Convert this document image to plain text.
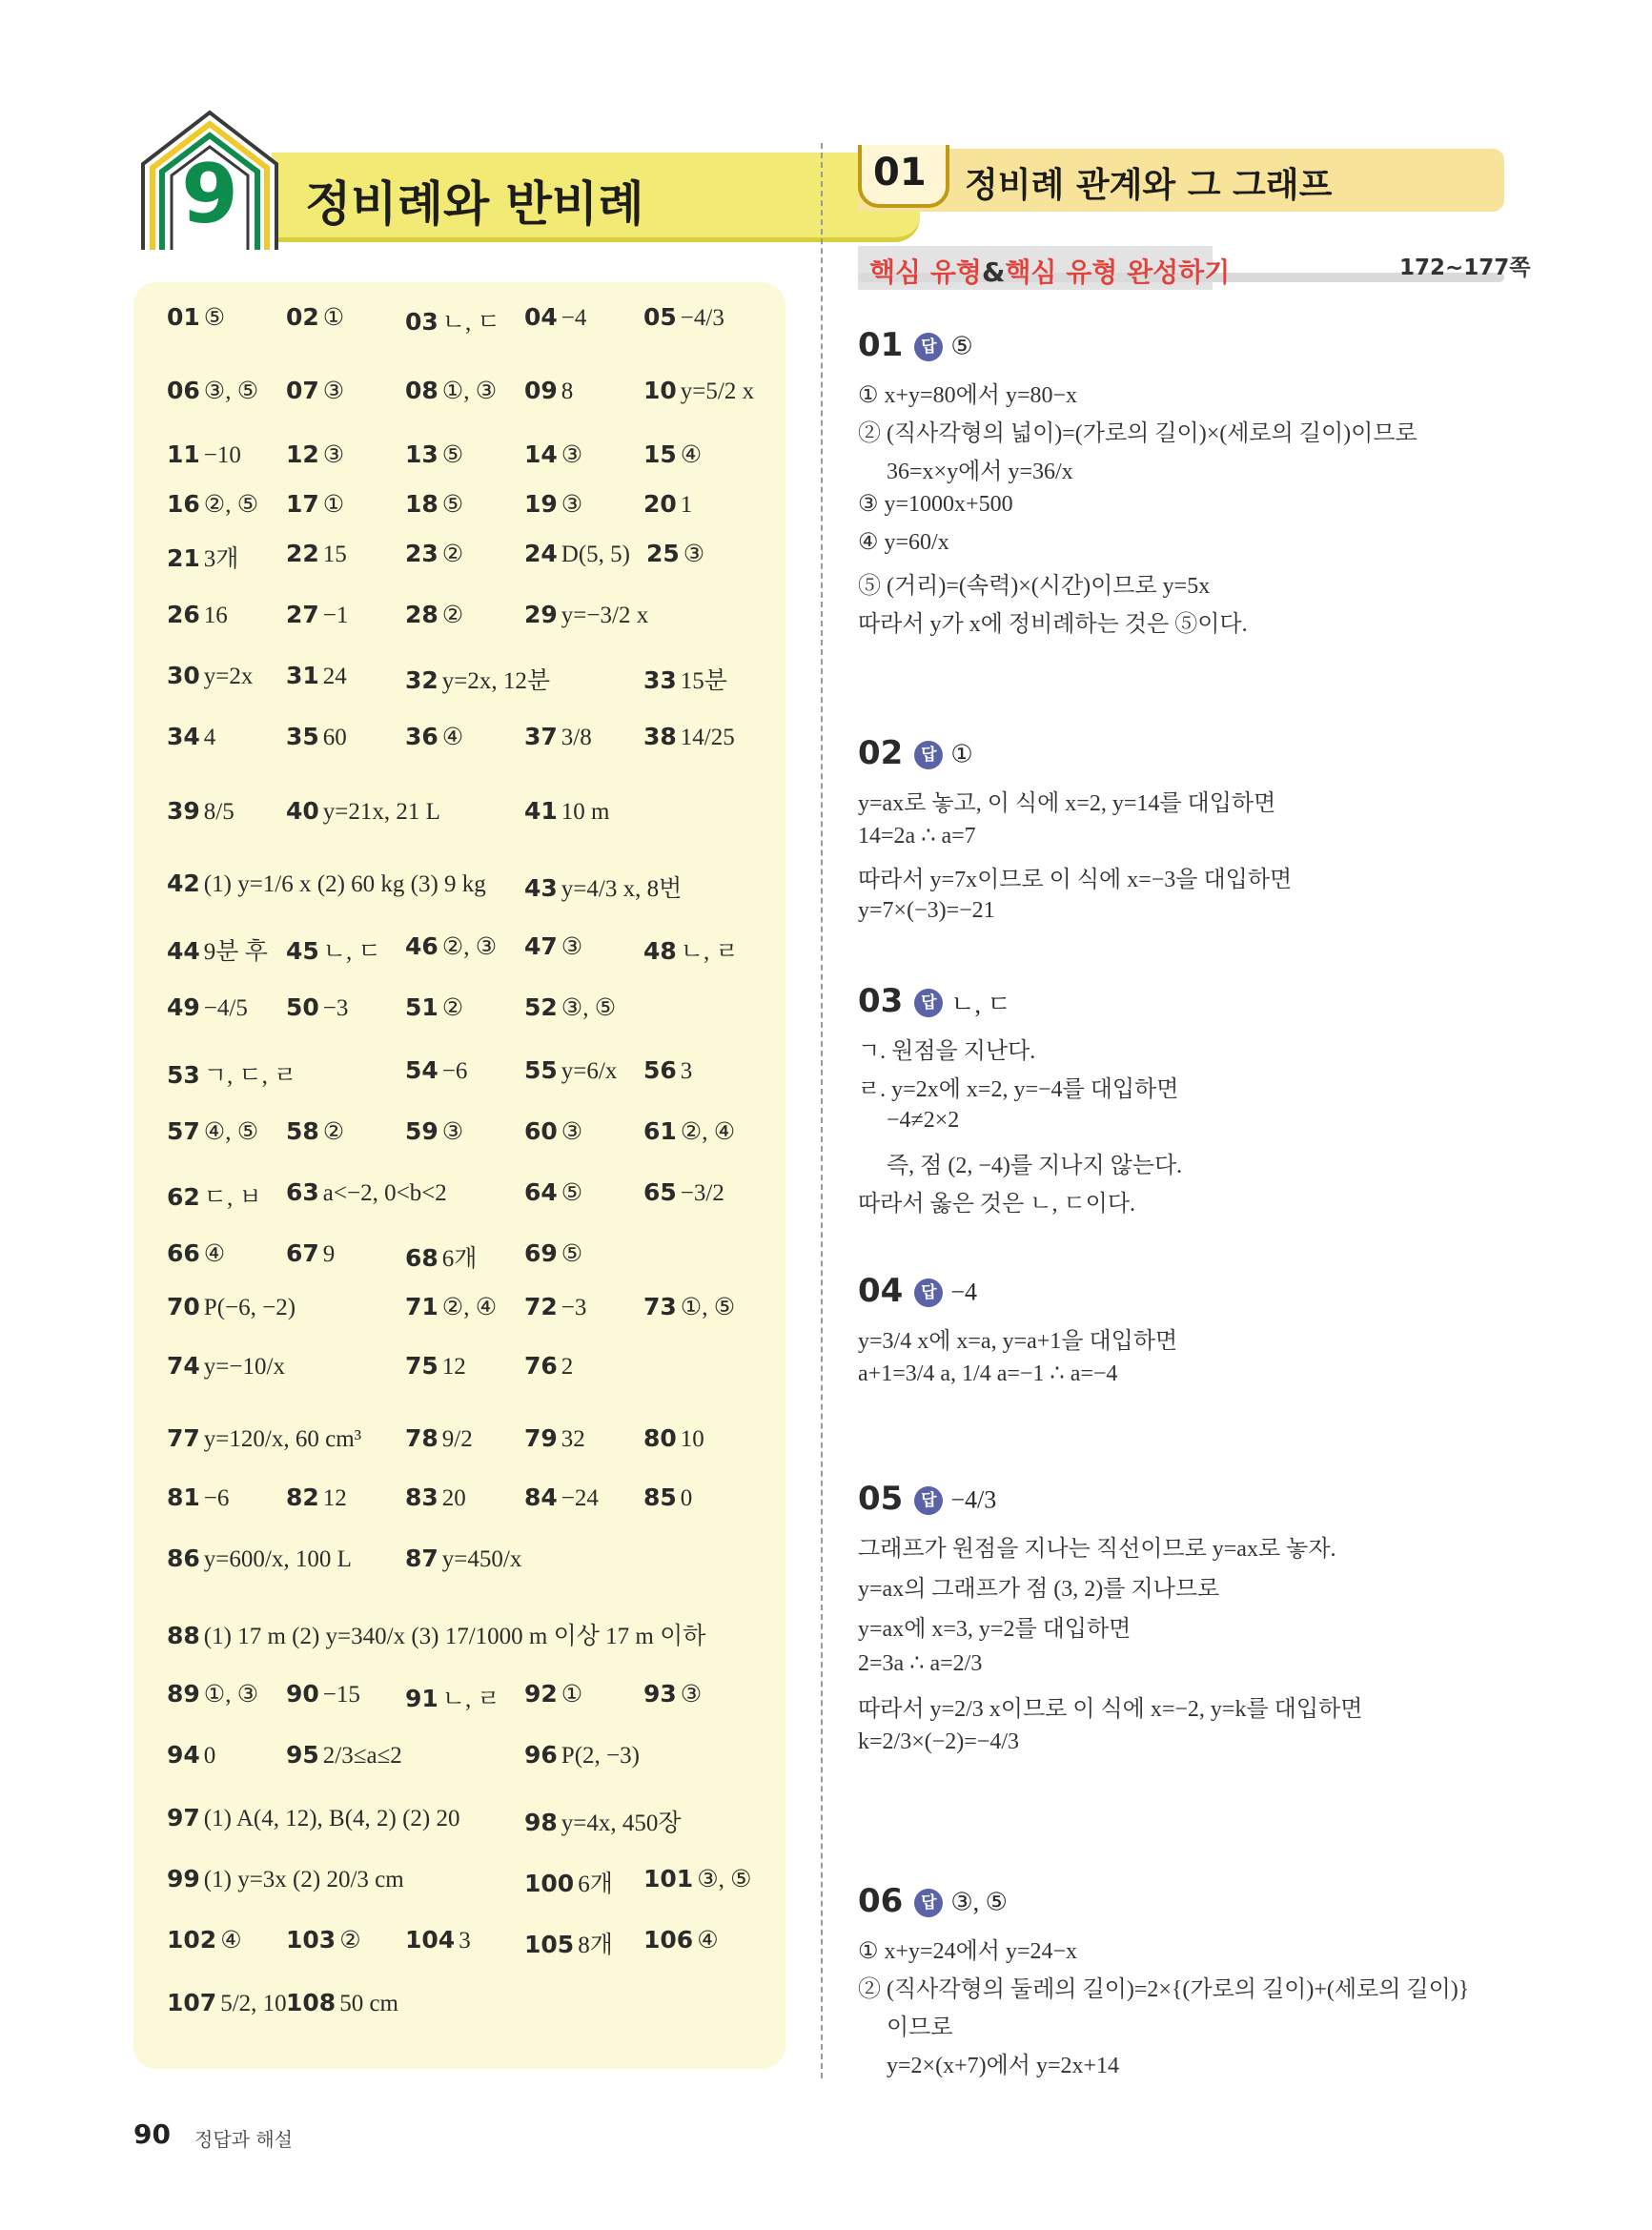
9	정비례와 반비례
01 정비례 관계와 그 그래프
핵심 유형&핵심 유형 완성하기	172~177쪽
01 답 ⑤
① x+y=80에서 y=80−x
② (직사각형의 넓이)=(가로의 길이)×(세로의 길이)이므로
36=x×y에서 y=36/x
③ y=1000x+500
④ y=60/x
⑤ (거리)=(속력)×(시간)이므로 y=5x
따라서 y가 x에 정비례하는 것은 ⑤이다.
02 답 ①
y=ax로 놓고, 이 식에 x=2, y=14를 대입하면
14=2a ∴ a=7
따라서 y=7x이므로 이 식에 x=−3을 대입하면
y=7×(−3)=−21
03 답 ㄴ, ㄷ
ㄱ. 원점을 지난다.
ㄹ. y=2x에 x=2, y=−4를 대입하면
−4≠2×2
즉, 점 (2, −4)를 지나지 않는다.
따라서 옳은 것은 ㄴ, ㄷ이다.
04 답 −4
y=3/4 x에 x=a, y=a+1을 대입하면
a+1=3/4 a, 1/4 a=−1 ∴ a=−4
05 답 −4/3
그래프가 원점을 지나는 직선이므로 y=ax로 놓자.
y=ax의 그래프가 점 (3, 2)를 지나므로
y=ax에 x=3, y=2를 대입하면
2=3a ∴ a=2/3
따라서 y=2/3 x이므로 이 식에 x=−2, y=k를 대입하면
k=2/3×(−2)=−4/3
06 답 ③, ⑤
① x+y=24에서 y=24−x
② (직사각형의 둘레의 길이)=2×{(가로의 길이)+(세로의 길이)}
이므로
y=2×(x+7)에서 y=2x+14
90 정답과 해설
01 ⑤	02 ①	03 ㄴ, ㄷ 04 −4 05 −4/3
06 ③, ⑤ 07 ③	08 ①, ③ 09 8	10 y=5/2 x
11 −10 12 ③	13 ⑤	14 ③	15 ④
16 ②, ⑤ 17 ①	18 ⑤	19 ③	20 1
21 3개 22 15 23 ②	24 D(5, 5) 25 ③
26 16 27 −1 28 ②	29 y=−3/2 x
30 y=2x 31 24 32 y=2x, 12분	33 15분
34 4	35 60 36 ④	37 3/8 38 14/25
39 8/5 40 y=21x, 21 L	41 10 m
42 (1) y=1/6 x (2) 60 kg (3) 9 kg 43 y=4/3 x, 8번
44 9분 후 45 ㄴ, ㄷ 46 ②, ③ 47 ③	48 ㄴ, ㄹ
49 −4/5 50 −3 51 ②	52 ③, ⑤
53 ㄱ, ㄷ, ㄹ	54 −6 55 y=6/x 56 3
57 ④, ⑤ 58 ②	59 ③	60 ③	61 ②, ④
62 ㄷ, ㅂ 63 a<−2, 0<b<2	64 ⑤	65 −3/2
66 ④	67 9	68 6개 69 ⑤
70 P(−6, −2)	71 ②, ④ 72 −3 73 ①, ⑤
74 y=−10/x	75 12 76 2
77 y=120/x, 60 cm³ 78 9/2 79 32 80 10
81 −6 82 12 83 20 84 −24 85 0
86 y=600/x, 100 L 87 y=450/x
88 (1) 17 m (2) y=340/x (3) 17/1000 m 이상 17 m 이하
89 ①, ③ 90 −15 91 ㄴ, ㄹ 92 ①	93 ③
94 0	95 2/3≤a≤2	96 P(2, −3)
97 (1) A(4, 12), B(4, 2) (2) 20	98 y=4x, 450장
99 (1) y=3x (2) 20/3 cm	100 6개 101 ③, ⑤
102 ④ 103 ② 104 3 105 8개 106 ④
107 5/2, 10 108 50 cm
